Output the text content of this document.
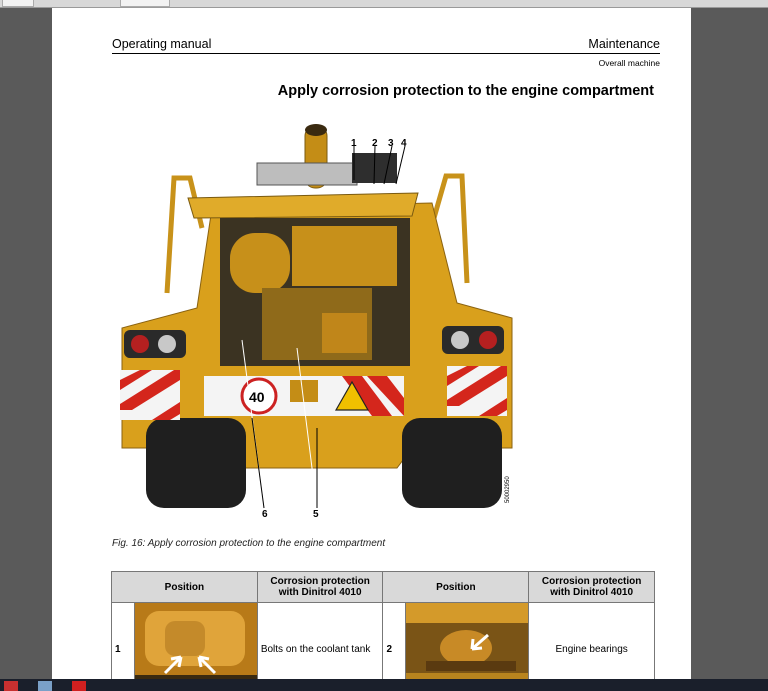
Operating manual	Maintenance
Overall machine
Apply corrosion protection to the engine compartment
1 2 3 4
5
6
40
50002950
Fig. 16: Apply corrosion protection to the engine compartment
Position		Corrosion protection with Dinitrol 4010	Position		Corrosion protection with Dinitrol 4010
1		Bolts on the coolant tank	2		Engine bearings
